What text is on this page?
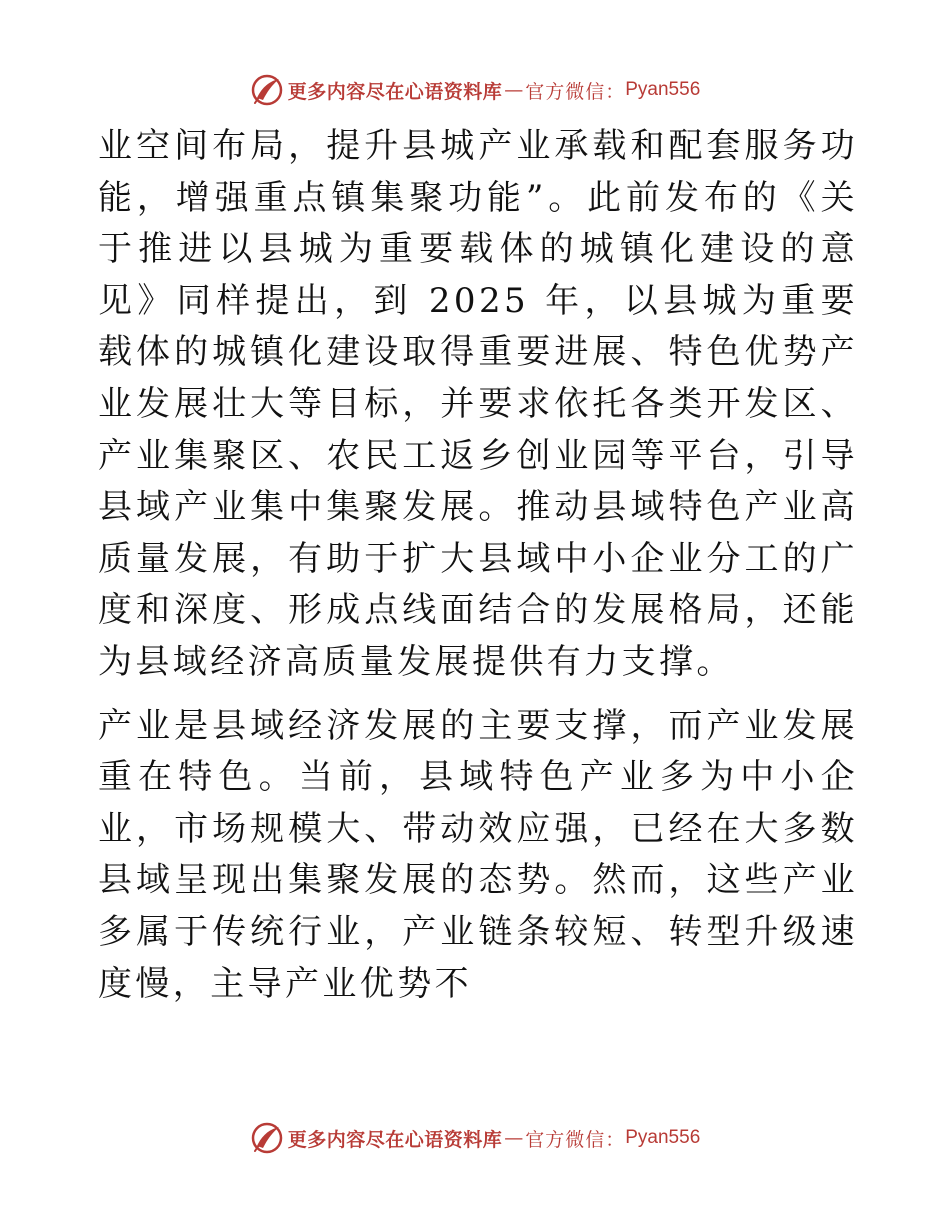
更多内容尽在心语资料库 — 官方微信： Pyan556

业空间布局，提升县城产业承载和配套服务功能，增强重点镇集聚功能”。此前发布的《关于推进以县城为重要载体的城镇化建设的意见》同样提出，到 2025 年，以县城为重要载体的城镇化建设取得重要进展、特色优势产业发展壮大等目标，并要求依托各类开发区、产业集聚区、农民工返乡创业园等平台，引导县域产业集中集聚发展。推动县域特色产业高质量发展，有助于扩大县域中小企业分工的广度和深度、形成点线面结合的发展格局，还能为县域经济高质量发展提供有力支撑。

产业是县域经济发展的主要支撑，而产业发展重在特色。当前，县域特色产业多为中小企业，市场规模大、带动效应强，已经在大多数县域呈现出集聚发展的态势。然而，这些产业多属于传统行业，产业链条较短、转型升级速度慢，主导产业优势不

更多内容尽在心语资料库 — 官方微信： Pyan556
